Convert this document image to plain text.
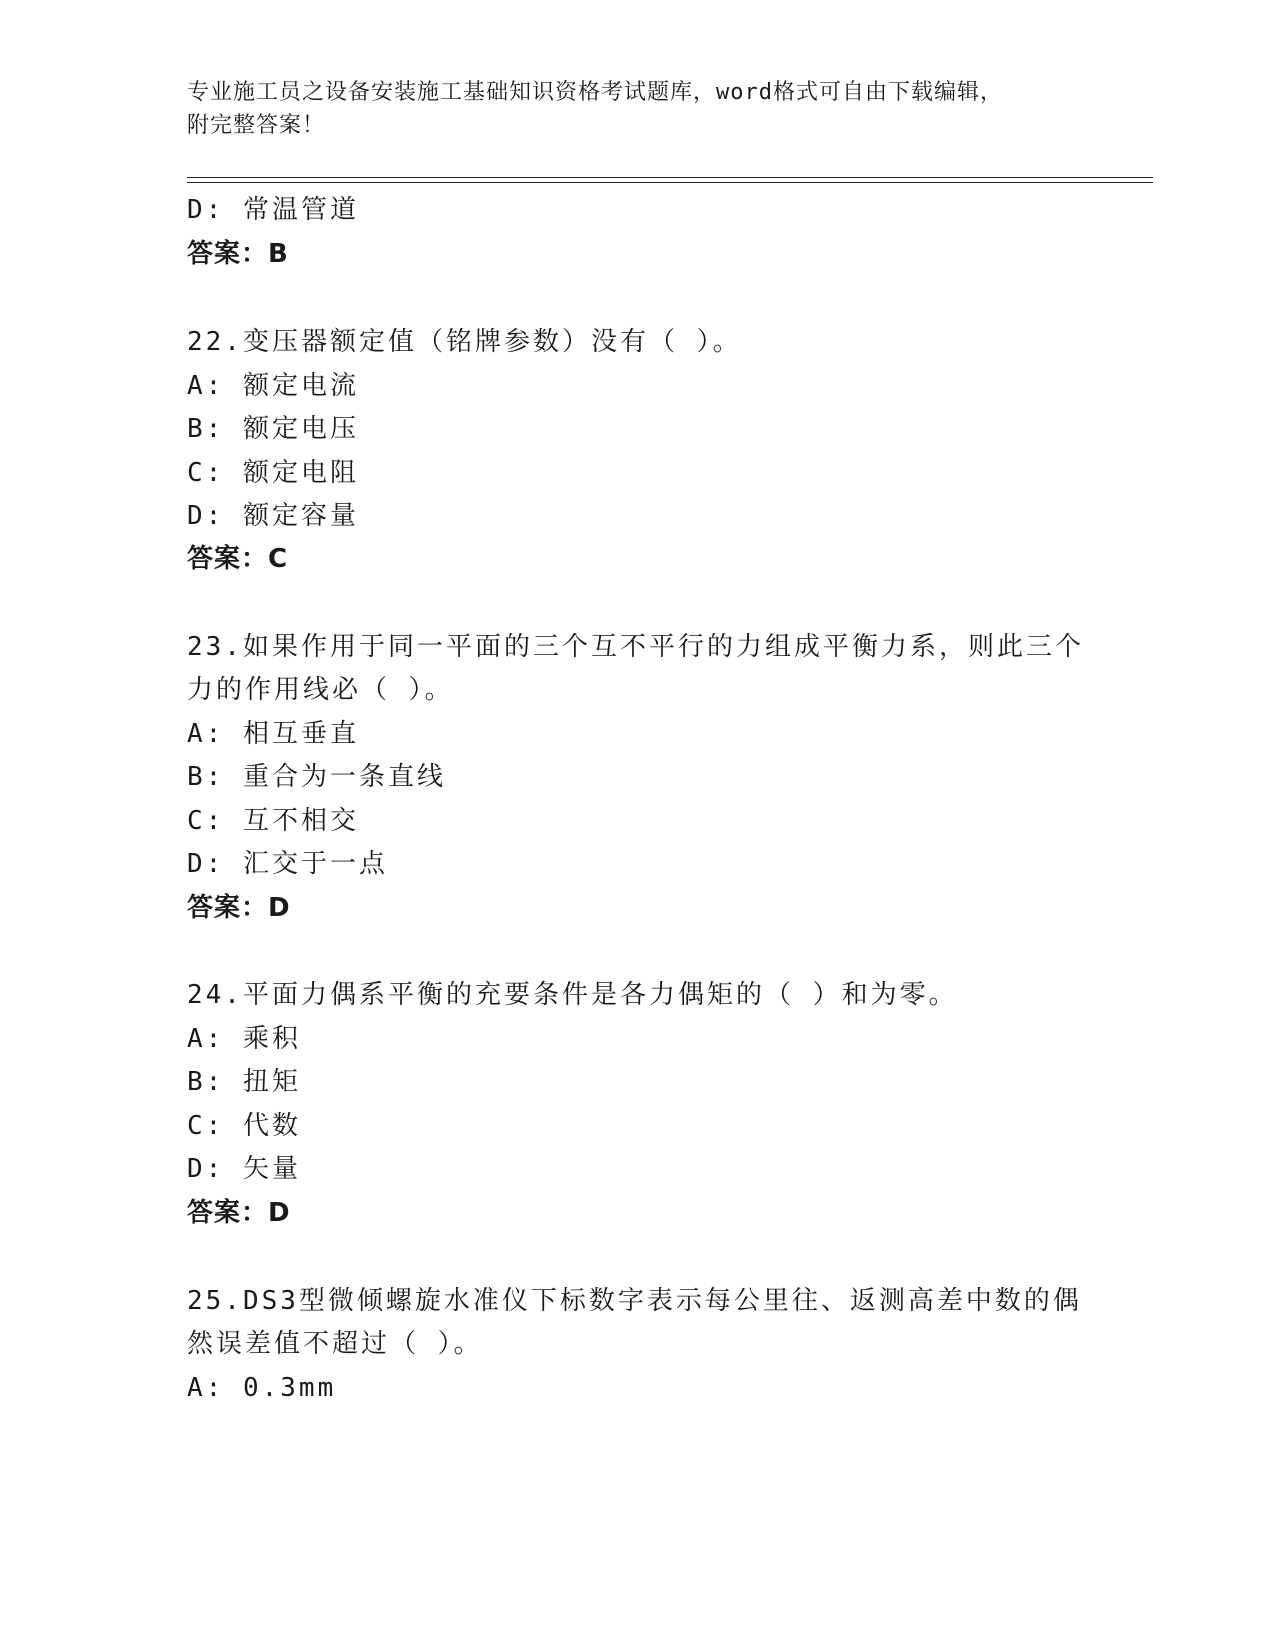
专业施工员之设备安装施工基础知识资格考试题库，word格式可自由下载编辑，
附完整答案！
D: 常温管道
答案：B
22.变压器额定值（铭牌参数）没有（ ）。
A: 额定电流
B: 额定电压
C: 额定电阻
D: 额定容量
答案：C
23.如果作用于同一平面的三个互不平行的力组成平衡力系，则此三个
力的作用线必（ ）。
A: 相互垂直
B: 重合为一条直线
C: 互不相交
D: 汇交于一点
答案：D
24.平面力偶系平衡的充要条件是各力偶矩的（ ）和为零。
A: 乘积
B: 扭矩
C: 代数
D: 矢量
答案：D
25.DS3型微倾螺旋水准仪下标数字表示每公里往、返测高差中数的偶
然误差值不超过（ ）。
A: 0.3mm
